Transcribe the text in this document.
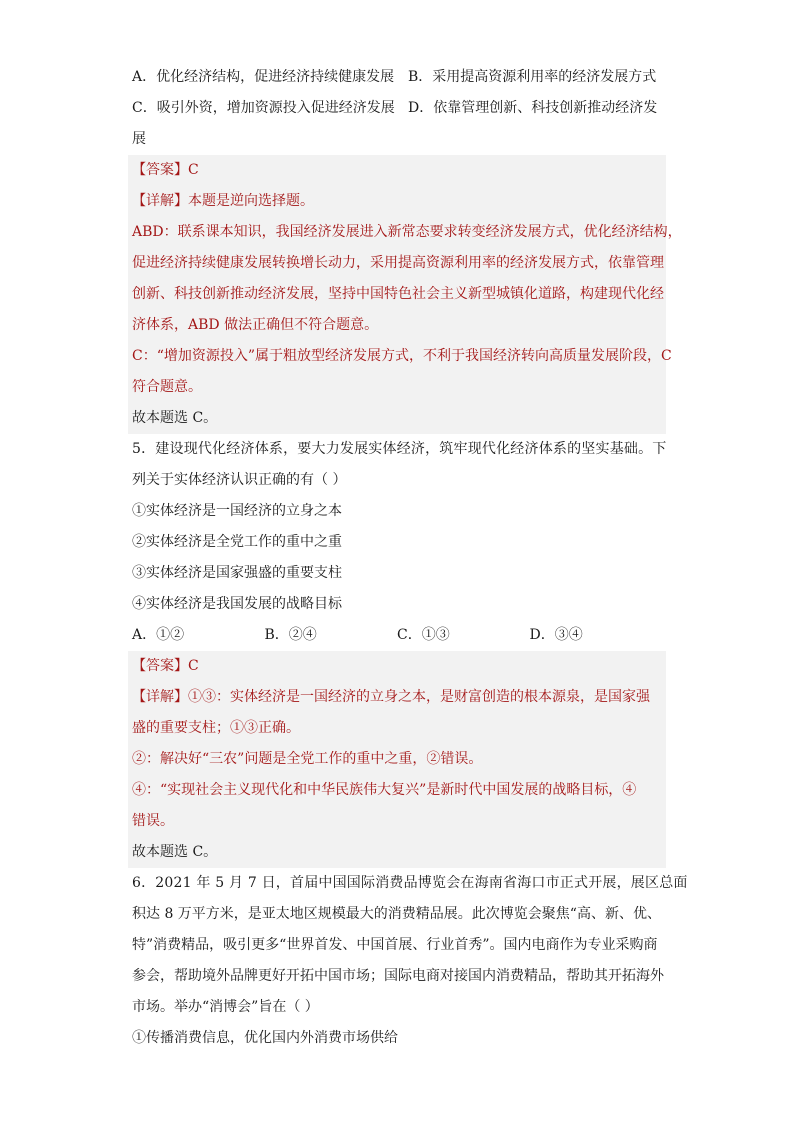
A．优化经济结构，促进经济持续健康发展 B．采用提高资源利用率的经济发展方式
C．吸引外资，增加资源投入促进经济发展 D．依靠管理创新、科技创新推动经济发
展
【答案】C
【详解】本题是逆向选择题。
ABD：联系课本知识，我国经济发展进入新常态要求转变经济发展方式，优化经济结构，
促进经济持续健康发展转换增长动力，采用提高资源利用率的经济发展方式，依靠管理
创新、科技创新推动经济发展，坚持中国特色社会主义新型城镇化道路，构建现代化经
济体系，ABD 做法正确但不符合题意。
C：“增加资源投入”属于粗放型经济发展方式，不利于我国经济转向高质量发展阶段，C
符合题意。
故本题选 C。
5．建设现代化经济体系，要大力发展实体经济，筑牢现代化经济体系的坚实基础。下
列关于实体经济认识正确的有（ ）
①实体经济是一国经济的立身之本
②实体经济是全党工作的重中之重
③实体经济是国家强盛的重要支柱
④实体经济是我国发展的战略目标
A．①②	B．②④	C．①③	D．③④
【答案】C
【详解】①③：实体经济是一国经济的立身之本，是财富创造的根本源泉，是国家强
盛的重要支柱；①③正确。
②：解决好“三农”问题是全党工作的重中之重，②错误。
④：“实现社会主义现代化和中华民族伟大复兴”是新时代中国发展的战略目标，④
错误。
故本题选 C。
6．2021 年 5 月 7 日，首届中国国际消费品博览会在海南省海口市正式开展，展区总面
积达 8 万平方米，是亚太地区规模最大的消费精品展。此次博览会聚焦“高、新、优、
特”消费精品，吸引更多“世界首发、中国首展、行业首秀”。国内电商作为专业采购商
参会，帮助境外品牌更好开拓中国市场；国际电商对接国内消费精品，帮助其开拓海外
市场。举办“消博会”旨在（ ）
①传播消费信息，优化国内外消费市场供给
